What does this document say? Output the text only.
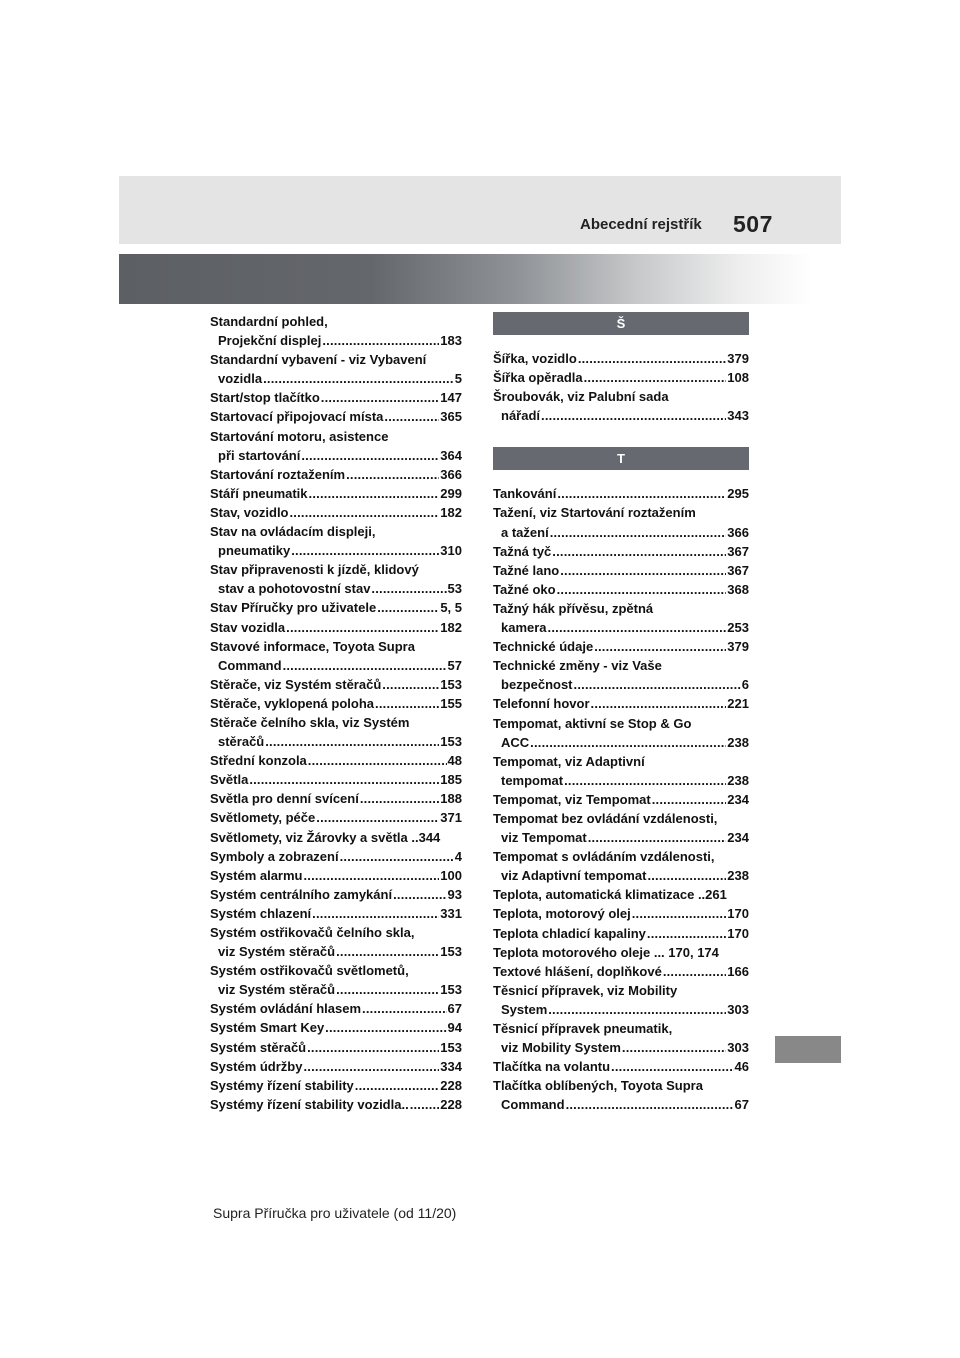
Abecední rejstřík 507
Standardní pohled,
Projekční displej .....	183
Standardní vybavení - viz Vybavení
vozidla .....	5
Start/stop tlačítko .....	147
Startovací připojovací místa .....	365
Startování motoru, asistence
při startování .....	364
Startování roztažením .....	366
Stáří pneumatik .....	299
Stav, vozidlo .....	182
Stav na ovládacím displeji,
pneumatiky .....	310
Stav připravenosti k jízdě, klidový
stav a pohotovostní stav .....	53
Stav Příručky pro uživatele .....	5, 5
Stav vozidla .....	182
Stavové informace, Toyota Supra
Command .....	57
Stěrače, viz Systém stěračů .....	153
Stěrače, vyklopená poloha .....	155
Stěrače čelního skla, viz Systém
stěračů .....	153
Střední konzola .....	48
Světla .....	185
Světla pro denní svícení .....	188
Světlomety, péče .....	371
Světlomety, viz Žárovky a světla ..344
Symboly a zobrazení .....	4
Systém alarmu .....	100
Systém centrálního zamykání .....	93
Systém chlazení .....	331
Systém ostřikovačů čelního skla,
viz Systém stěračů .....	153
Systém ostřikovačů světlometů,
viz Systém stěračů .....	153
Systém ovládání hlasem .....	67
Systém Smart Key .....	94
Systém stěračů .....	153
Systém údržby .....	334
Systémy řízení stability .....	228
Systémy řízení stability vozidla.. ..... 228
Š
Šířka, vozidlo .....	379
Šířka opěradla .....	108
Šroubovák, viz Palubní sada
nářadí .....	343
T
Tankování .....	295
Tažení, viz Startování roztažením
a tažení .....	366
Tažná tyč .....	367
Tažné lano .....	367
Tažné oko .....	368
Tažný hák přívěsu, zpětná
kamera .....	253
Technické údaje .....	379
Technické změny - viz Vaše
bezpečnost .....	6
Telefonní hovor .....	221
Tempomat, aktivní se Stop & Go
ACC .....	238
Tempomat, viz Adaptivní
tempomat .....	238
Tempomat, viz Tempomat .....	234
Tempomat bez ovládání vzdálenosti,
viz Tempomat .....	234
Tempomat s ovládáním vzdálenosti,
viz Adaptivní tempomat .....	238
Teplota, automatická klimatizace ..261
Teplota, motorový olej .....	170
Teplota chladicí kapaliny .....	170
Teplota motorového oleje ... 170, 174
Textové hlášení, doplňkové .....	166
Těsnicí přípravek, viz Mobility
System .....	303
Těsnicí přípravek pneumatik,
viz Mobility System .....	303
Tlačítka na volantu .....	46
Tlačítka oblíbených, Toyota Supra
Command .....	67
Supra Příručka pro uživatele (od 11/20)
